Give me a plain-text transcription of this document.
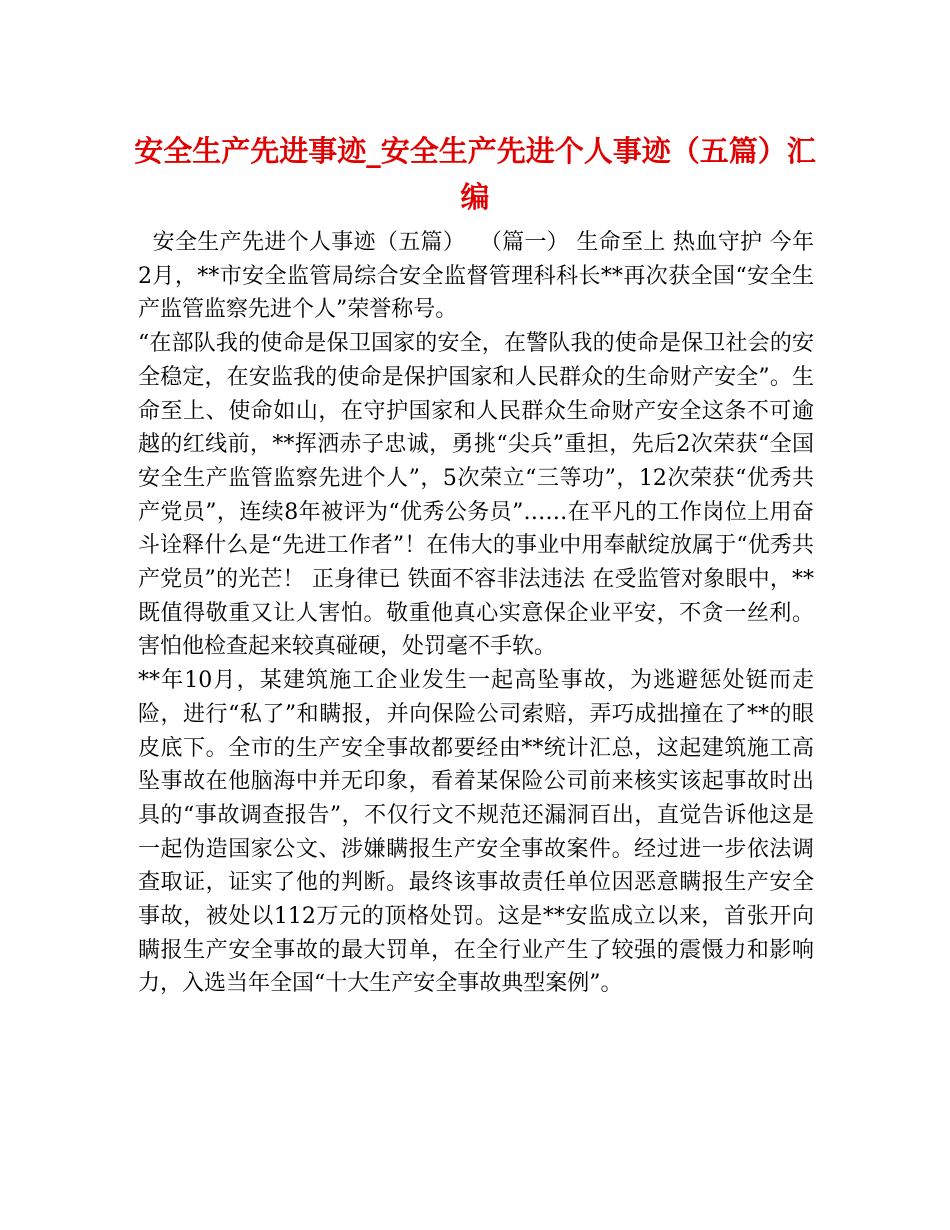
安全生产先进事迹_安全生产先进个人事迹（五篇）汇编

安全生产先进个人事迹（五篇）  （篇一） 生命至上 热血守护 今年2月，**市安全监管局综合安全监督管理科科长**再次获全国“安全生产监管监察先进个人”荣誉称号。

“在部队我的使命是保卫国家的安全，在警队我的使命是保卫社会的安全稳定，在安监我的使命是保护国家和人民群众的生命财产安全”。生命至上、使命如山，在守护国家和人民群众生命财产安全这条不可逾越的红线前，**挥洒赤子忠诚，勇挑“尖兵”重担，先后2次荣获“全国安全生产监管监察先进个人”，5次荣立“三等功”，12次荣获“优秀共产党员”，连续8年被评为“优秀公务员”……在平凡的工作岗位上用奋斗诠释什么是“先进工作者”！在伟大的事业中用奉献绽放属于“优秀共产党员”的光芒！ 正身律已 铁面不容非法违法 在受监管对象眼中，**既值得敬重又让人害怕。敬重他真心实意保企业平安，不贪一丝利。害怕他检查起来较真碰硬，处罚毫不手软。

**年10月，某建筑施工企业发生一起高坠事故，为逃避惩处铤而走险，进行“私了”和瞒报，并向保险公司索赔，弄巧成拙撞在了**的眼皮底下。全市的生产安全事故都要经由**统计汇总，这起建筑施工高坠事故在他脑海中并无印象，看着某保险公司前来核实该起事故时出具的“事故调查报告”，不仅行文不规范还漏洞百出，直觉告诉他这是一起伪造国家公文、涉嫌瞒报生产安全事故案件。经过进一步依法调查取证，证实了他的判断。最终该事故责任单位因恶意瞒报生产安全事故，被处以112万元的顶格处罚。这是**安监成立以来，首张开向瞒报生产安全事故的最大罚单，在全行业产生了较强的震慑力和影响力，入选当年全国“十大生产安全事故典型案例”。
